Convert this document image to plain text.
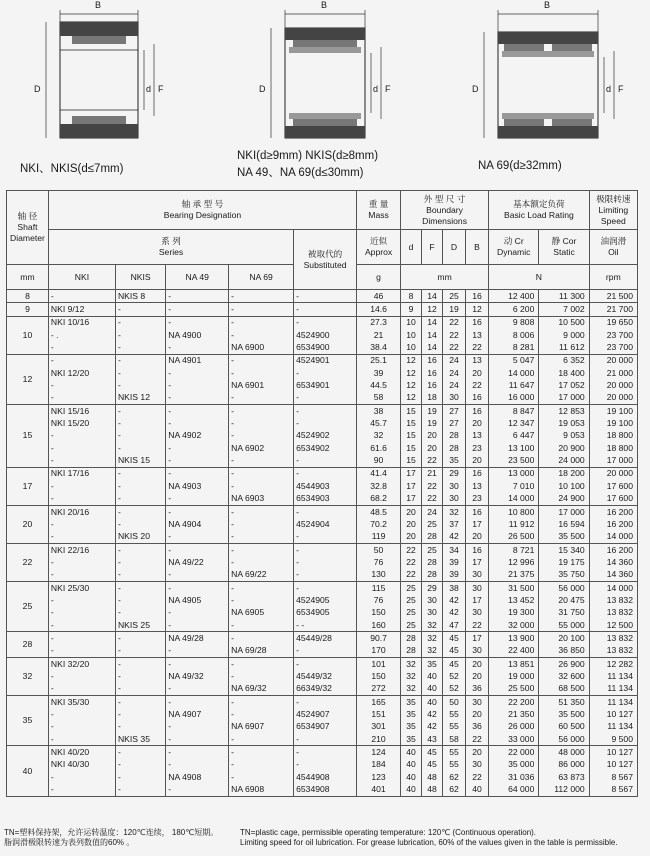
B
D	d F
NKI、NKIS(d≤7mm)
B
D	d F
NKI(d≥9mm) NKIS(d≥8mm)
NA 49、NA 69(d≤30mm)
B
D	d F
NA 69(d≥32mm)
轴 径
Shaft Diameter	轴 承 型 号
Bearing Designation					重 量
Mass	外 型 尺 寸
Boundary Dimensions				基本额定负荷
Basic Load Rating		极限转速
Limiting Speed
	系 列
Series				被取代的
Substituted	近似
Approx	d	F	D	B	动 Cr
Dynamic	静 Cor
Static	油润滑
Oil
mm	NKI	NKIS	NA 49	NA 69		g	mm				N		rpm
8	-	NKIS 8	-	-	-	46	8	14	25	16	12 400	11 300	21 500
9	NKI 9/12	-	-	-	-	14.6	9	12	19	12	6 200	7 002	21 700
10	NKI 10/16	-	-	-	-	27.3	10	14	22	16	9 808	10 500	19 650
	- .	-	NA 4900	-	4524900	21	10	14	22	13	8 006	9 000	23 700
	-	-	-	NA 6900	6534900	38.4	10	14	22	22	8 281	11 612	23 700
12	-	-	NA 4901	-	4524901	25.1	12	16	24	13	5 047	6 352	20 000
	NKI 12/20	-	-	-	-	39	12	16	24	20	14 000	18 400	21 000
	-	-	-	NA 6901	6534901	44.5	12	16	24	22	11 647	17 052	20 000
	-	NKIS 12	-	-	-	58	12	18	30	16	16 000	17 000	20 000
15	NKI 15/16	-	-	-	-	38	15	19	27	16	8 847	12 853	19 100
	NKI 15/20	-	-	-	-	45.7	15	19	27	20	12 347	19 053	19 100
	-	-	NA 4902	-	4524902	32	15	20	28	13	6 447	9 053	18 800
	-	-	-	NA 6902	6534902	61.6	15	20	28	23	13 100	20 900	18 800
	-	NKIS 15	-	-	-	90	15	22	35	20	23 500	24 000	17 000
17	NKI 17/16	-	-	-	-	41.4	17	21	29	16	13 000	18 200	20 000
	-	-	NA 4903	-	4544903	32.8	17	22	30	13	7 010	10 100	17 600
	-	-	-	NA 6903	6534903	68.2	17	22	30	23	14 000	24 900	17 600
20	NKI 20/16	-	-	-	-	48.5	20	24	32	16	10 800	17 000	16 200
	-	-	NA 4904	-	4524904	70.2	20	25	37	17	11 912	16 594	16 200
	-	NKIS 20	-	-	-	119	20	28	42	20	26 500	35 500	14 000
22	NKI 22/16	-	-	-	-	50	22	25	34	16	8 721	15 340	16 200
	-	-	NA 49/22	-	-	76	22	28	39	17	12 996	19 175	14 360
	-	-	-	NA 69/22	-	130	22	28	39	30	21 375	35 750	14 360
25	NKI 25/30	-	-	-	-	115	25	29	38	30	31 500	56 000	14 000
	-	-	NA 4905	-	4524905	76	25	30	42	17	13 452	20 475	13 832
	-	-	-	NA 6905	6534905	150	25	30	42	30	19 300	31 750	13 832
	-	NKIS 25	-	-	- -	160	25	32	47	22	32 000	55 000	12 500
28	-	-	NA 49/28	-	45449/28	90.7	28	32	45	17	13 900	20 100	13 832
	-	-	-	NA 69/28	-	170	28	32	45	30	22 400	36 850	13 832
32	NKI 32/20	-	-	-	-	101	32	35	45	20	13 851	26 900	12 282
	-	-	NA 49/32	-	45449/32	150	32	40	52	20	19 000	32 600	11 134
	-	-	-	NA 69/32	66349/32	272	32	40	52	36	25 500	68 500	11 134
35	NKI 35/30	-	-	-	-	165	35	40	50	30	22 200	51 350	11 134
	-	-	NA 4907	-	4524907	151	35	42	55	20	21 350	35 500	10 127
	-	-	-	NA 6907	6534907	301	35	42	55	36	26 000	60 500	11 134
	-	NKIS 35	-	-	-	210	35	43	58	22	33 000	56 000	9 500
40	NKI 40/20	-	-	-	-	124	40	45	55	20	22 000	48 000	10 127
	NKI 40/30	-	-	-	-	184	40	45	55	30	35 000	86 000	10 127
	-	-	NA 4908	-	4544908	123	40	48	62	22	31 036	63 873	8 567
	-	-	-	NA 6908	6534908	401	40	48	62	40	64 000	112 000	8 567
TN=塑料保持架，允许运转温度：120℃连续， 180℃短期。
脂润滑极限转速为表列数值的60% 。
TN=plastic cage, permissible operating temperature: 120℃ (Continuous operation).
Limiting speed for oil lubrication. For grease lubrication, 60% of the values given in the table is permissible.
